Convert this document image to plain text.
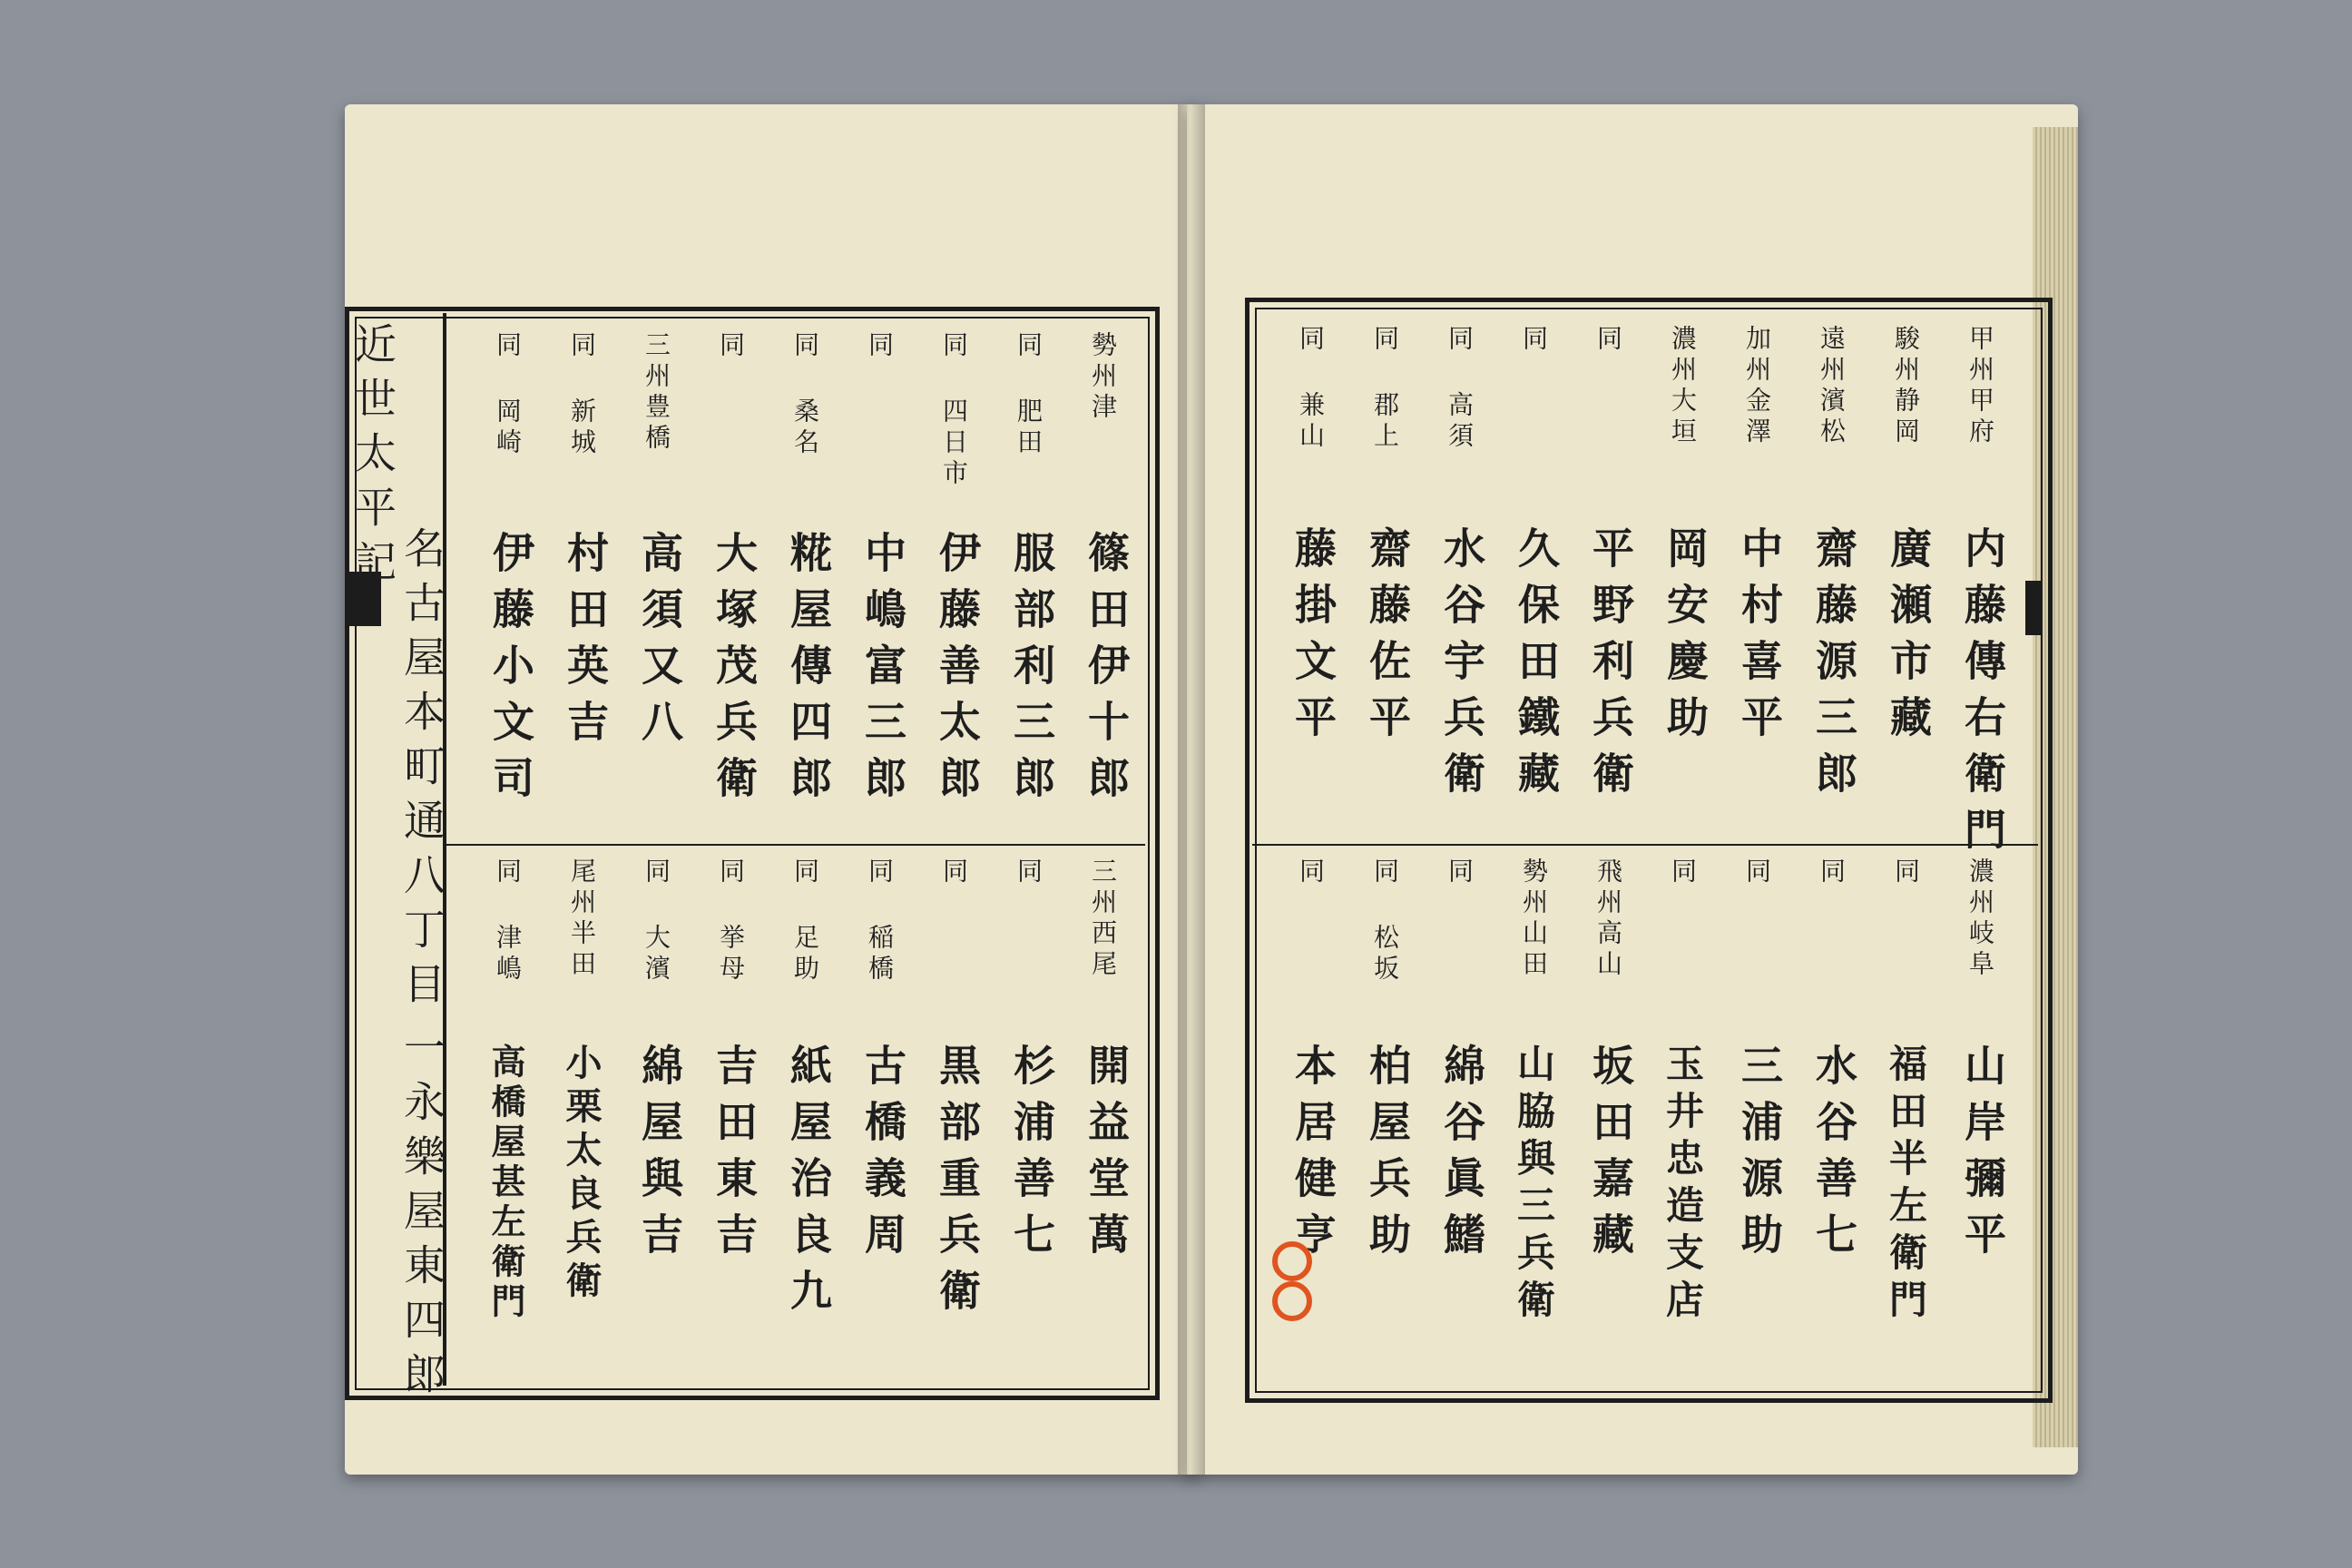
近世太平記
名古屋本町通八丁目
一永樂屋東四郎
勢州津
篠田伊十郎
同 肥田
服部利三郎
同 四日市
伊藤善太郎
同
中嶋富三郎
同 桑名
糀屋傳四郎
同
大塚茂兵衛
三州豊橋
高須又八
同 新城
村田英吉
同 岡崎
伊藤小文司
三州西尾
開益堂萬
同
杉浦善七
同
黒部重兵衛
同 稲橋
古橋義周
同 足助
紙屋治良九
同 挙母
吉田東吉
同 大濱
綿屋與吉
尾州半田
小栗太良兵衛
同 津嶋
高橋屋甚左衛門
甲州甲府
内藤傳右衛門
駿州静岡
廣瀬市藏
遠州濱松
齋藤源三郎
加州金澤
中村喜平
濃州大垣
岡安慶助
同
平野利兵衛
同
久保田鐵藏
同 高須
水谷宇兵衛
同 郡上
齋藤佐平
同 兼山
藤掛文平
濃州岐阜
山岸彌平
同
福田半左衛門
同
水谷善七
同
三浦源助
同
玉井忠造支店
飛州高山
坂田嘉藏
勢州山田
山脇與三兵衛
同
綿谷眞鰭
同 松坂
柏屋兵助
同
本居健亨
